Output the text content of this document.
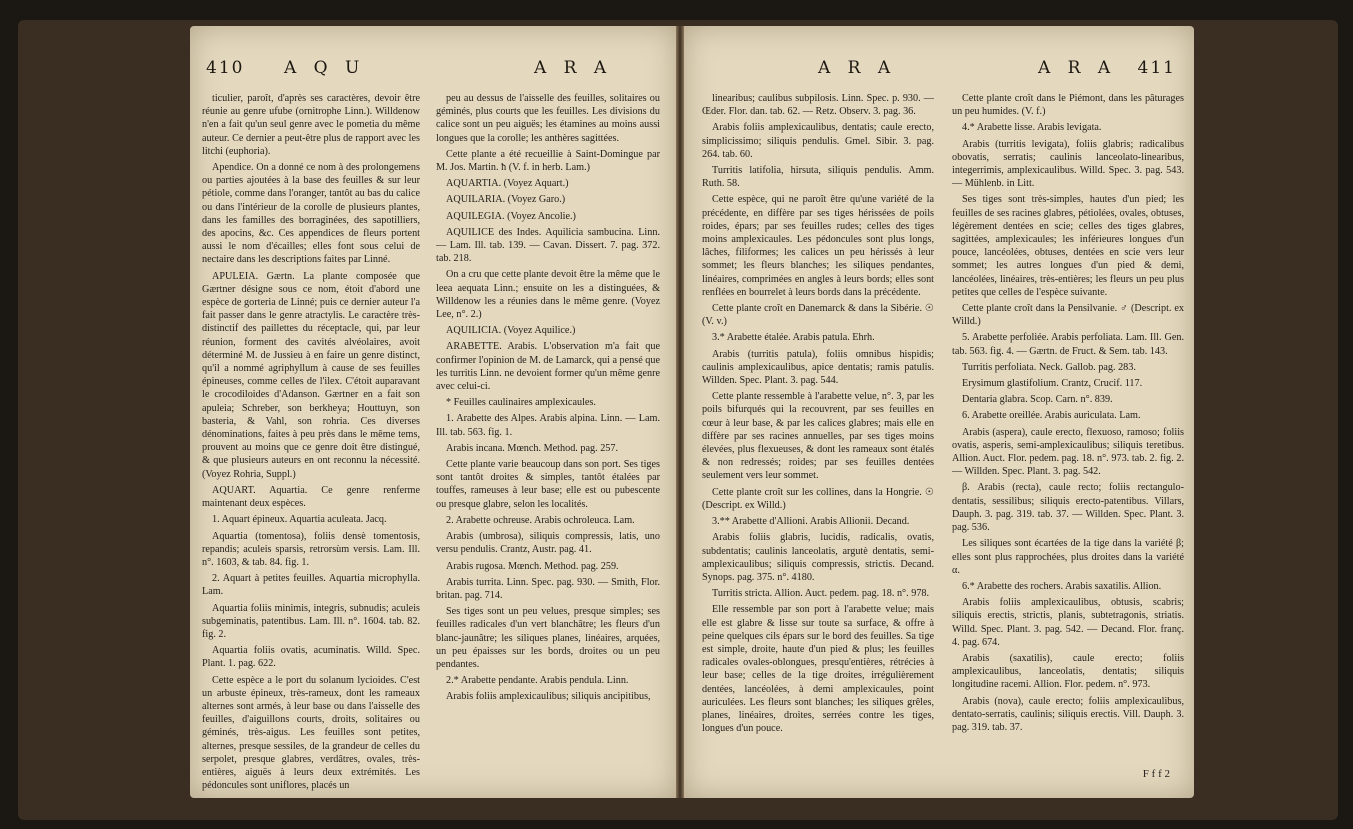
410 A Q U	A R A

ticulier, paroît, d'après ses caractères, devoir être réunie au genre ufube (ornitrophe Linn.). Willdenow n'en a fait qu'un seul genre avec le pometia du même auteur. Ce dernier a peut-être plus de rapport avec les litchi (euphoria).

Apendice. On a donné ce nom à des prolongemens ou parties ajoutées à la base des feuilles & sur leur pétiole, comme dans l'oranger, tantôt au bas du calice ou dans l'intérieur de la corolle de plusieurs plantes, dans les familles des borraginées, des sapotilliers, des apocins, &c. Ces appendices de fleurs portent aussi le nom d'écailles; elles font sous celui de nectaire dans les descriptions faites par Linné.

APULEIA. Gærtn. La plante composée que Gærtner désigne sous ce nom, étoit d'abord une espèce de gorteria de Linné; puis ce dernier auteur l'a fait passer dans le genre atractylis. Le caractère très-distinctif des paillettes du réceptacle, qui, par leur réunion, forment des cavités alvéolaires, avoit déterminé M. de Jussieu à en faire un genre distinct, qu'il a nommé agriphyllum à cause de ses feuilles épineuses, comme celles de l'ilex. C'étoit auparavant le crocodiloides d'Adanson. Gærtner en a fait son apuleia; Schreber, son berkheya; Houttuyn, son basteria, & Vahl, son rohria. Ces diverses dénominations, faites à peu près dans le même tems, prouvent au moins que ce genre doit être distingué, & que plusieurs auteurs en ont reconnu la nécessité. (Voyez Rohria, Suppl.)

AQUART. Aquartia. Ce genre renferme maintenant deux espèces.

1. Aquart épineux. Aquartia aculeata. Jacq.

Aquartia (tomentosa), foliis densè tomentosis, repandis; aculeis sparsis, retrorsùm versis. Lam. Ill. n°. 1603, & tab. 84. fig. 1.

2. Aquart à petites feuilles. Aquartia microphylla. Lam.

Aquartia foliis minimis, integris, subnudis; aculeis subgeminatis, patentibus. Lam. Ill. n°. 1604. tab. 82. fig. 2.

Aquartia foliis ovatis, acuminatis. Willd. Spec. Plant. 1. pag. 622.

Cette espèce a le port du solanum lycioides. C'est un arbuste épineux, très-rameux, dont les rameaux alternes sont armés, à leur base ou dans l'aisselle des feuilles, d'aiguillons courts, droits, solitaires ou géminés, très-aigus. Les feuilles sont petites, alternes, presque sessiles, de la grandeur de celles du serpolet, presque glabres, verdâtres, ovales, très-entières, aiguës à leurs deux extrémités. Les pédoncules sont uniflores, placés un

peu au dessus de l'aisselle des feuilles, solitaires ou géminés, plus courts que les feuilles. Les divisions du calice sont un peu aiguës; les étamines au moins aussi longues que la corolle; les anthères sagittées.

Cette plante a été recueillie à Saint-Domingue par M. Jos. Martin. ħ (V. f. in herb. Lam.)

AQUARTIA. (Voyez Aquart.)

AQUILARIA. (Voyez Garo.)

AQUILEGIA. (Voyez Ancolie.)

AQUILICE des Indes. Aquilicia sambucina. Linn. — Lam. Ill. tab. 139. — Cavan. Dissert. 7. pag. 372. tab. 218.

On a cru que cette plante devoit être la même que le leea aequata Linn.; ensuite on les a distinguées, & Willdenow les a réunies dans le même genre. (Voyez Lee, n°. 2.)

AQUILICIA. (Voyez Aquilice.)

ARABETTE. Arabis. L'observation m'a fait que confirmer l'opinion de M. de Lamarck, qui a pensé que les turritis Linn. ne devoient former qu'un même genre avec celui-ci.

* Feuilles caulinaires amplexicaules.

1. Arabette des Alpes. Arabis alpina. Linn. — Lam. Ill. tab. 563. fig. 1.

Arabis incana. Mœnch. Method. pag. 257.

Cette plante varie beaucoup dans son port. Ses tiges sont tantôt droites & simples, tantôt étalées par touffes, rameuses à leur base; elle est ou pubescente ou presque glabre, selon les localités.

2. Arabette ochreuse. Arabis ochroleuca. Lam.

Arabis (umbrosa), siliquis compressis, latis, uno versu pendulis. Crantz, Austr. pag. 41.

Arabis rugosa. Mœnch. Method. pag. 259.

Arabis turrita. Linn. Spec. pag. 930. — Smith, Flor. britan. pag. 714.

Ses tiges sont un peu velues, presque simples; ses feuilles radicales d'un vert blanchâtre; les fleurs d'un blanc-jaunâtre; les siliques planes, linéaires, arquées, un peu épaisses sur les bords, droites ou un peu pendantes.

2.* Arabette pendante. Arabis pendula. Linn.

Arabis foliis amplexicaulibus; siliquis ancipitibus,

A R A	A R A 411

linearibus; caulibus subpilosis. Linn. Spec. p. 930. — Œder. Flor. dan. tab. 62. — Retz. Observ. 3. pag. 36.

Arabis foliis amplexicaulibus, dentatis; caule erecto, simplicissimo; siliquis pendulis. Gmel. Sibir. 3. pag. 264. tab. 60.

Turritis latifolia, hirsuta, siliquis pendulis. Amm. Ruth. 58.

Cette espèce, qui ne paroît être qu'une variété de la précédente, en diffère par ses tiges hérissées de poils roides, épars; par ses feuilles rudes; celles des tiges moins amplexicaules. Les pédoncules sont plus longs, lâches, filiformes; les calices un peu hérissés à leur sommet; les fleurs blanches; les siliques pendantes, linéaires, comprimées en angles à leurs bords; elles sont renflées en bourrelet à leurs bords dans la précédente.

Cette plante croît en Danemarck & dans la Sibérie. ☉ (V. v.)

3.* Arabette étalée. Arabis patula. Ehrh.

Arabis (turritis patula), foliis omnibus hispidis; caulinis amplexicaulibus, apice dentatis; ramis patulis. Willden. Spec. Plant. 3. pag. 544.

Cette plante ressemble à l'arabette velue, n°. 3, par les poils bifurqués qui la recouvrent, par ses feuilles en cœur à leur base, & par les calices glabres; mais elle en diffère par ses racines annuelles, par ses tiges moins élevées, plus flexueuses, & dont les rameaux sont étalés & non redressés; roides; par ses feuilles dentées seulement vers leur sommet.

Cette plante croît sur les collines, dans la Hongrie. ☉ (Descript. ex Willd.)

3.** Arabette d'Allioni. Arabis Allionii. Decand.

Arabis foliis glabris, lucidis, radicalis, ovatis, subdentatis; caulinis lanceolatis, argutè dentatis, semi-amplexicaulibus; siliquis compressis, strictis. Decand. Synops. pag. 375. n°. 4180.

Turritis stricta. Allion. Auct. pedem. pag. 18. n°. 978.

Elle ressemble par son port à l'arabette velue; mais elle est glabre & lisse sur toute sa surface, & offre à peine quelques cils épars sur le bord des feuilles. Sa tige est simple, droite, haute d'un pied & plus; les feuilles radicales ovales-oblongues, presqu'entières, rétrécies à leur base; celles de la tige droites, irrégulièrement dentées, lancéolées, à demi amplexicaules, point auriculées. Les fleurs sont blanches; les siliques grêles, planes, linéaires, droites, serrées contre les tiges, longues d'un pouce.

Cette plante croît dans le Piémont, dans les pâturages un peu humides. (V. f.)

4.* Arabette lisse. Arabis levigata.

Arabis (turritis levigata), foliis glabris; radicalibus obovatis, serratis; caulinis lanceolato-linearibus, integerrimis, amplexicaulibus. Willd. Spec. 3. pag. 543. — Mühlenb. in Litt.

Ses tiges sont très-simples, hautes d'un pied; les feuilles de ses racines glabres, pétiolées, ovales, obtuses, légèrement dentées en scie; celles des tiges glabres, sagittées, amplexicaules; les inférieures longues d'un pouce, lancéolées, obtuses, dentées en scie vers leur sommet; les autres longues d'un pied & demi, lancéolées, linéaires, très-entières; les fleurs un peu plus petites que celles de l'espèce suivante.

Cette plante croît dans la Pensilvanie. ♂ (Descript. ex Willd.)

5. Arabette perfoliée. Arabis perfoliata. Lam. Ill. Gen. tab. 563. fig. 4. — Gærtn. de Fruct. & Sem. tab. 143.

Turritis perfoliata. Neck. Gallob. pag. 283.

Erysimum glastifolium. Crantz, Crucif. 117.

Dentaria glabra. Scop. Carn. n°. 839.

6. Arabette oreillée. Arabis auriculata. Lam.

Arabis (aspera), caule erecto, flexuoso, ramoso; foliis ovatis, asperis, semi-amplexicaulibus; siliquis teretibus. Allion. Auct. Flor. pedem. pag. 18. n°. 973. tab. 2. fig. 2. — Willden. Spec. Plant. 3. pag. 542.

β. Arabis (recta), caule recto; foliis rectangulo-dentatis, sessilibus; siliquis erecto-patentibus. Villars, Dauph. 3. pag. 319. tab. 37. — Willden. Spec. Plant. 3. pag. 536.

Les siliques sont écartées de la tige dans la variété β; elles sont plus rapprochées, plus droites dans la variété α.

6.* Arabette des rochers. Arabis saxatilis. Allion.

Arabis foliis amplexicaulibus, obtusis, scabris; siliquis erectis, strictis, planis, subtetragonis, striatis. Willd. Spec. Plant. 3. pag. 542. — Decand. Flor. franç. 4. pag. 674.

Arabis (saxatilis), caule erecto; foliis amplexicaulibus, lanceolatis, dentatis; siliquis longitudine racemi. Allion. Flor. pedem. n°. 973.

Arabis (nova), caule erecto; foliis amplexicaulibus, dentato-serratis, caulinis; siliquis erectis. Vill. Dauph. 3. pag. 319. tab. 37.

F f f 2
